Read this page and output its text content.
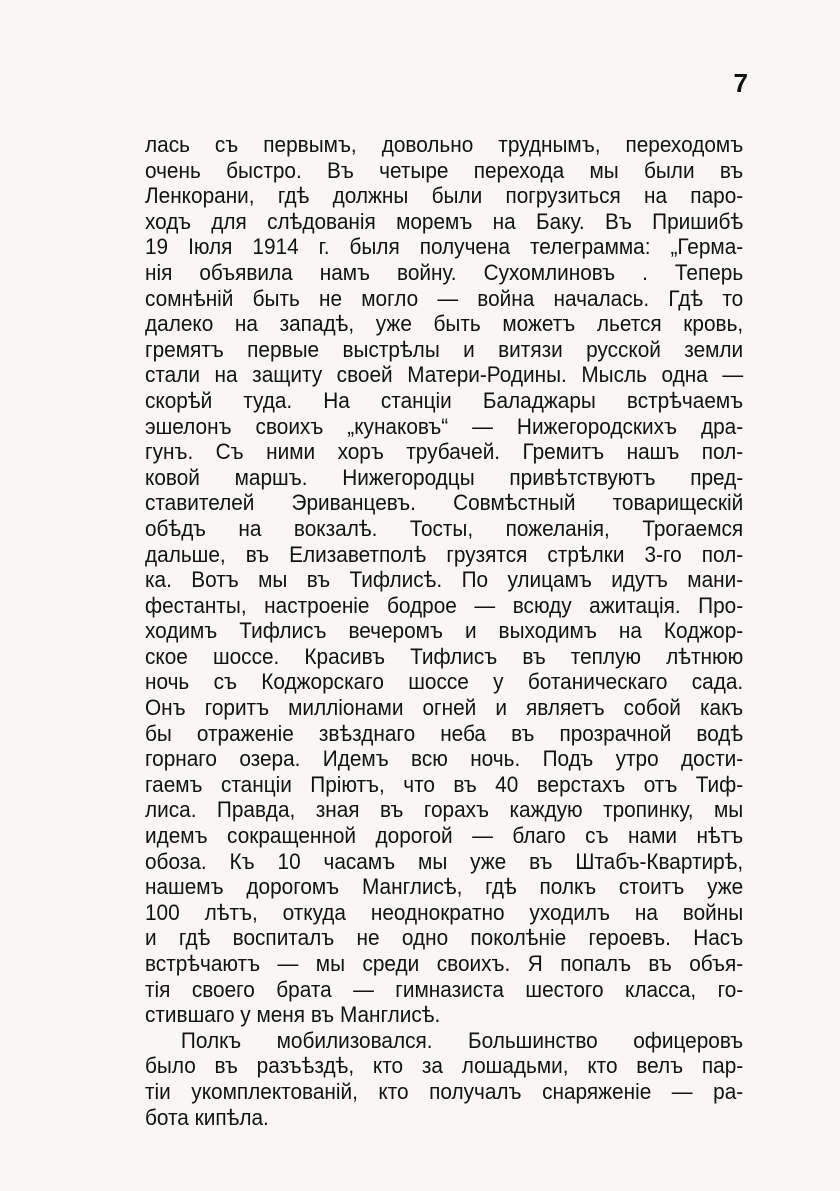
7
лась съ первымъ, довольно труднымъ, переходомъ
очень быстро. Въ четыре перехода мы были въ
Ленкорани, гдѣ должны были погрузиться на паро-
ходъ для слѣдованія моремъ на Баку. Въ Пришибѣ
19 Іюля 1914 г. быля получена телеграмма: „Герма-
нія объявила намъ войну. Сухомлиновъ . Теперь
сомнѣній быть не могло — война началась. Гдѣ то
далеко на западѣ, уже быть можетъ льется кровь,
гремятъ первые выстрѣлы и витязи русской земли
стали на защиту своей Матери-Родины. Мысль одна —
скорѣй туда. На станціи Баладжары встрѣчаемъ
эшелонъ своихъ „кунаковъ“ — Нижегородскихъ дра-
гунъ. Съ ними хоръ трубачей. Гремитъ нашъ пол-
ковой маршъ. Нижегородцы привѣтствуютъ пред-
ставителей Эриванцевъ. Совмѣстный товарищескій
обѣдъ на вокзалѣ. Тосты, пожеланія, Трогаемся
дальше, въ Елизаветполѣ грузятся стрѣлки 3-го пол-
ка. Вотъ мы въ Тифлисѣ. По улицамъ идутъ мани-
фестанты, настроеніе бодрое — всюду ажитація. Про-
ходимъ Тифлисъ вечеромъ и выходимъ на Коджор-
ское шоссе. Красивъ Тифлисъ въ теплую лѣтнюю
ночь съ Коджорскаго шоссе у ботаническаго сада.
Онъ горитъ милліонами огней и являетъ собой какъ
бы отраженіе звѣзднаго неба въ прозрачной водѣ
горнаго озера. Идемъ всю ночь. Подъ утро дости-
гаемъ станціи Пріютъ, что въ 40 верстахъ отъ Тиф-
лиса. Правда, зная въ горахъ каждую тропинку, мы
идемъ сокращенной дорогой — благо съ нами нѣтъ
обоза. Къ 10 часамъ мы уже въ Штабъ-Квартирѣ,
нашемъ дорогомъ Манглисѣ, гдѣ полкъ стоитъ уже
100 лѣтъ, откуда неоднократно уходилъ на войны
и гдѣ воспиталъ не одно поколѣніе героевъ. Насъ
встрѣчаютъ — мы среди своихъ. Я попалъ въ объя-
тія своего брата — гимназиста шестого класса, го-
стившаго у меня въ Манглисѣ.
Полкъ мобилизовался. Большинство офицеровъ
было въ разъѣздѣ, кто за лошадьми, кто велъ пар-
тіи укомплектованій, кто получалъ снаряженіе — ра-
бота кипѣла.
